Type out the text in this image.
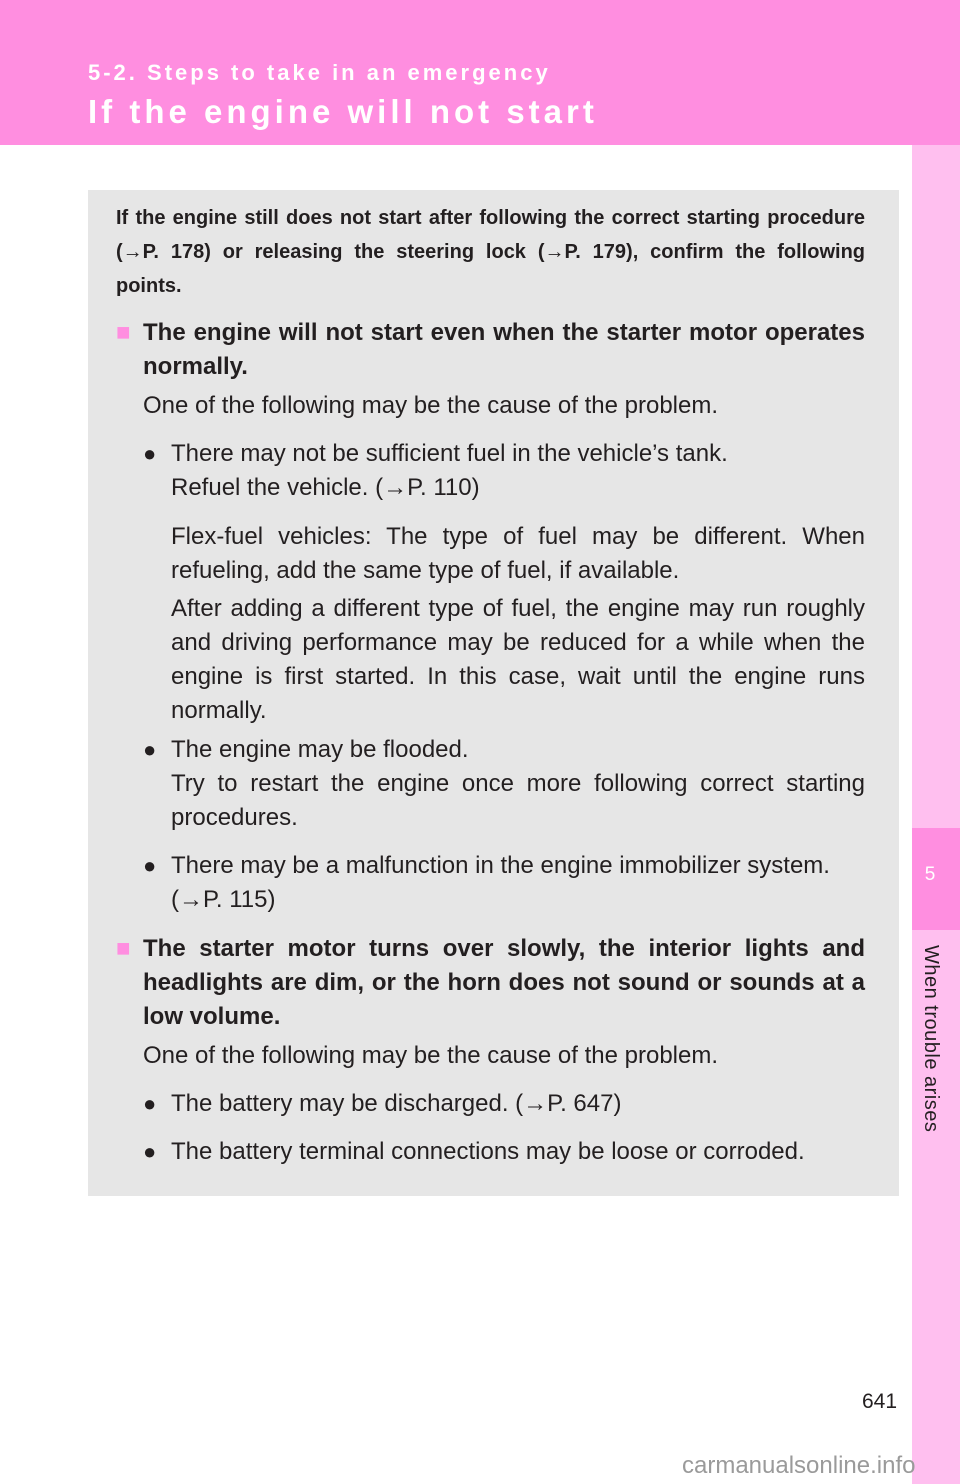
5-2. Steps to take in an emergency
If the engine will not start
5
When trouble arises
If the engine still does not start after following the correct starting procedure (→P. 178) or releasing the steering lock (→P. 179), confirm the following points.
■ The engine will not start even when the starter motor operates normally.
One of the following may be the cause of the problem.
● There may not be sufficient fuel in the vehicle’s tank.
Refuel the vehicle. (→P. 110)
Flex-fuel vehicles: The type of fuel may be different. When refueling, add the same type of fuel, if available.
After adding a different type of fuel, the engine may run roughly and driving performance may be reduced for a while when the engine is first started. In this case, wait until the engine runs normally.
● The engine may be flooded.
Try to restart the engine once more following correct starting procedures.
● There may be a malfunction in the engine immobilizer system.
(→P. 115)
■ The starter motor turns over slowly, the interior lights and headlights are dim, or the horn does not sound or sounds at a low volume.
One of the following may be the cause of the problem.
● The battery may be discharged. (→P. 647)
● The battery terminal connections may be loose or corroded.
641
carmanualsonline.info
